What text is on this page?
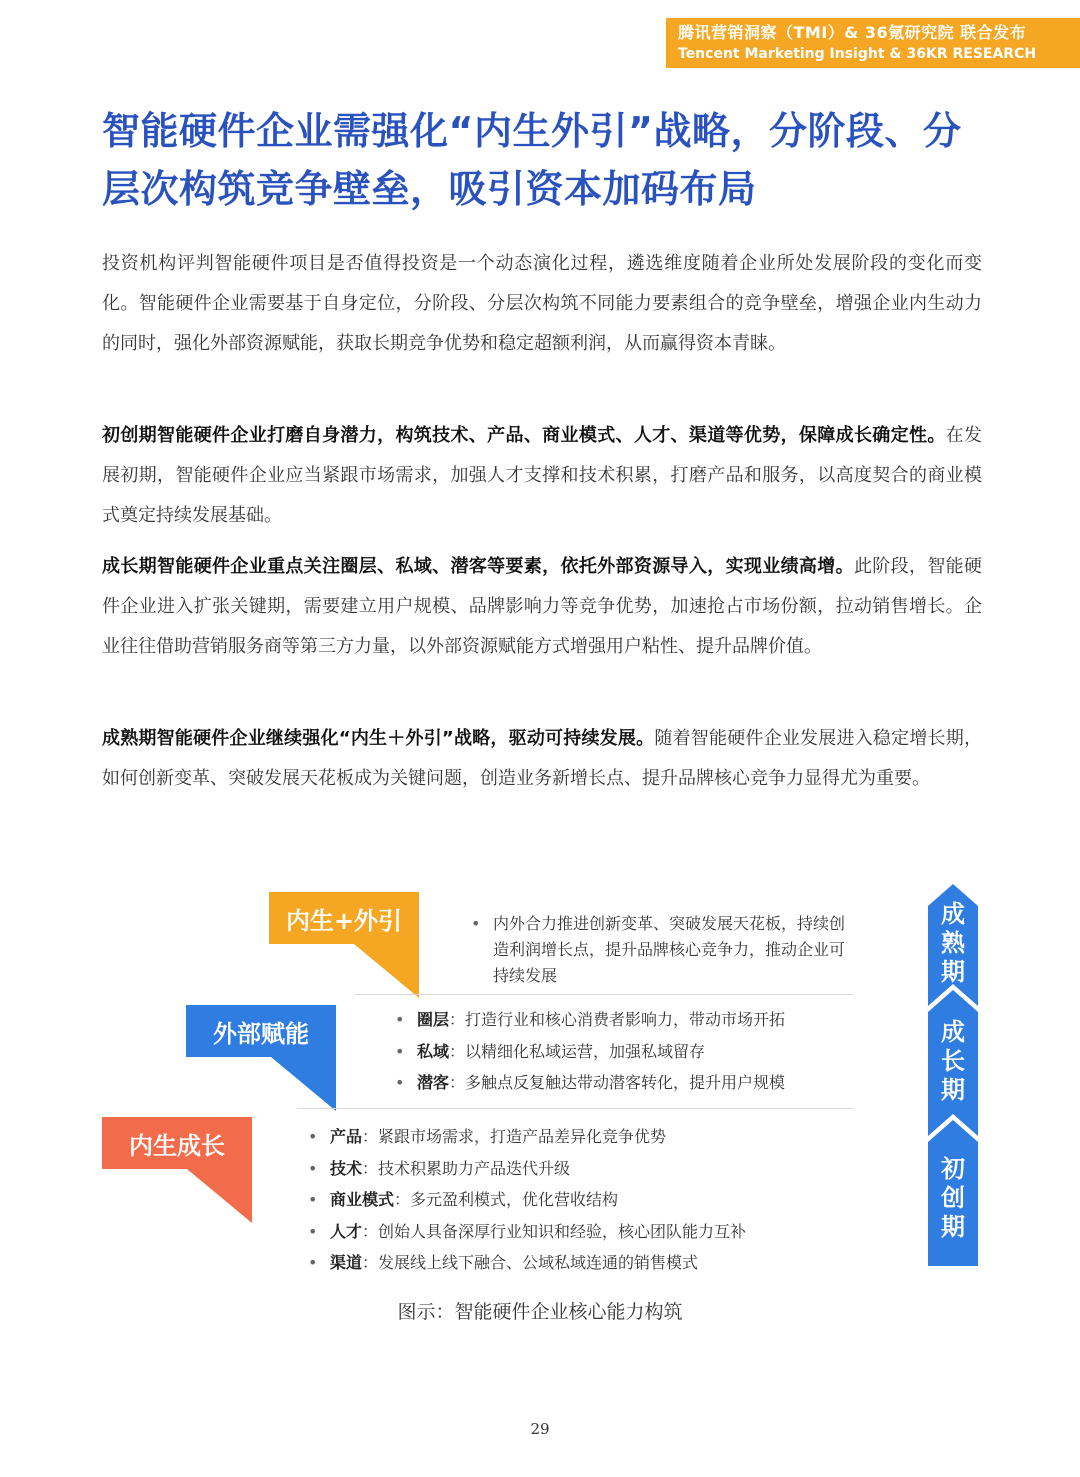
腾讯营销洞察（TMI）& 36氪研究院 联合发布
Tencent Marketing Insight & 36KR RESEARCH
智能硬件企业需强化“内生外引”战略，分阶段、分层次构筑竞争壁垒，吸引资本加码布局
投资机构评判智能硬件项目是否值得投资是一个动态演化过程，遴选维度随着企业所处发展阶段的变化而变化。智能硬件企业需要基于自身定位，分阶段、分层次构筑不同能力要素组合的竞争壁垒，增强企业内生动力的同时，强化外部资源赋能，获取长期竞争优势和稳定超额利润，从而赢得资本青睐。
初创期智能硬件企业打磨自身潜力，构筑技术、产品、商业模式、人才、渠道等优势，保障成长确定性。在发展初期，智能硬件企业应当紧跟市场需求，加强人才支撑和技术积累，打磨产品和服务，以高度契合的商业模式奠定持续发展基础。
成长期智能硬件企业重点关注圈层、私域、潜客等要素，依托外部资源导入，实现业绩高增。此阶段，智能硬件企业进入扩张关键期，需要建立用户规模、品牌影响力等竞争优势，加速抢占市场份额，拉动销售增长。企业往往借助营销服务商等第三方力量，以外部资源赋能方式增强用户粘性、提升品牌价值。
成熟期智能硬件企业继续强化“内生＋外引”战略，驱动可持续发展。随着智能硬件企业发展进入稳定增长期，如何创新变革、突破发展天花板成为关键问题，创造业务新增长点、提升品牌核心竞争力显得尤为重要。
内生+外引
外部赋能
内生成长
• 内外合力推进创新变革、突破发展天花板，持续创造利润增长点，提升品牌核心竞争力，推动企业可持续发展
• 圈层：打造行业和核心消费者影响力，带动市场开拓
• 私域：以精细化私域运营，加强私域留存
• 潜客：多触点反复触达带动潜客转化，提升用户规模
• 产品：紧跟市场需求，打造产品差异化竞争优势
• 技术：技术积累助力产品迭代升级
• 商业模式：多元盈利模式，优化营收结构
• 人才：创始人具备深厚行业知识和经验，核心团队能力互补
• 渠道：发展线上线下融合、公域私域连通的销售模式
成
熟
期
成
长
期
初
创
期
图示：智能硬件企业核心能力构筑
29
